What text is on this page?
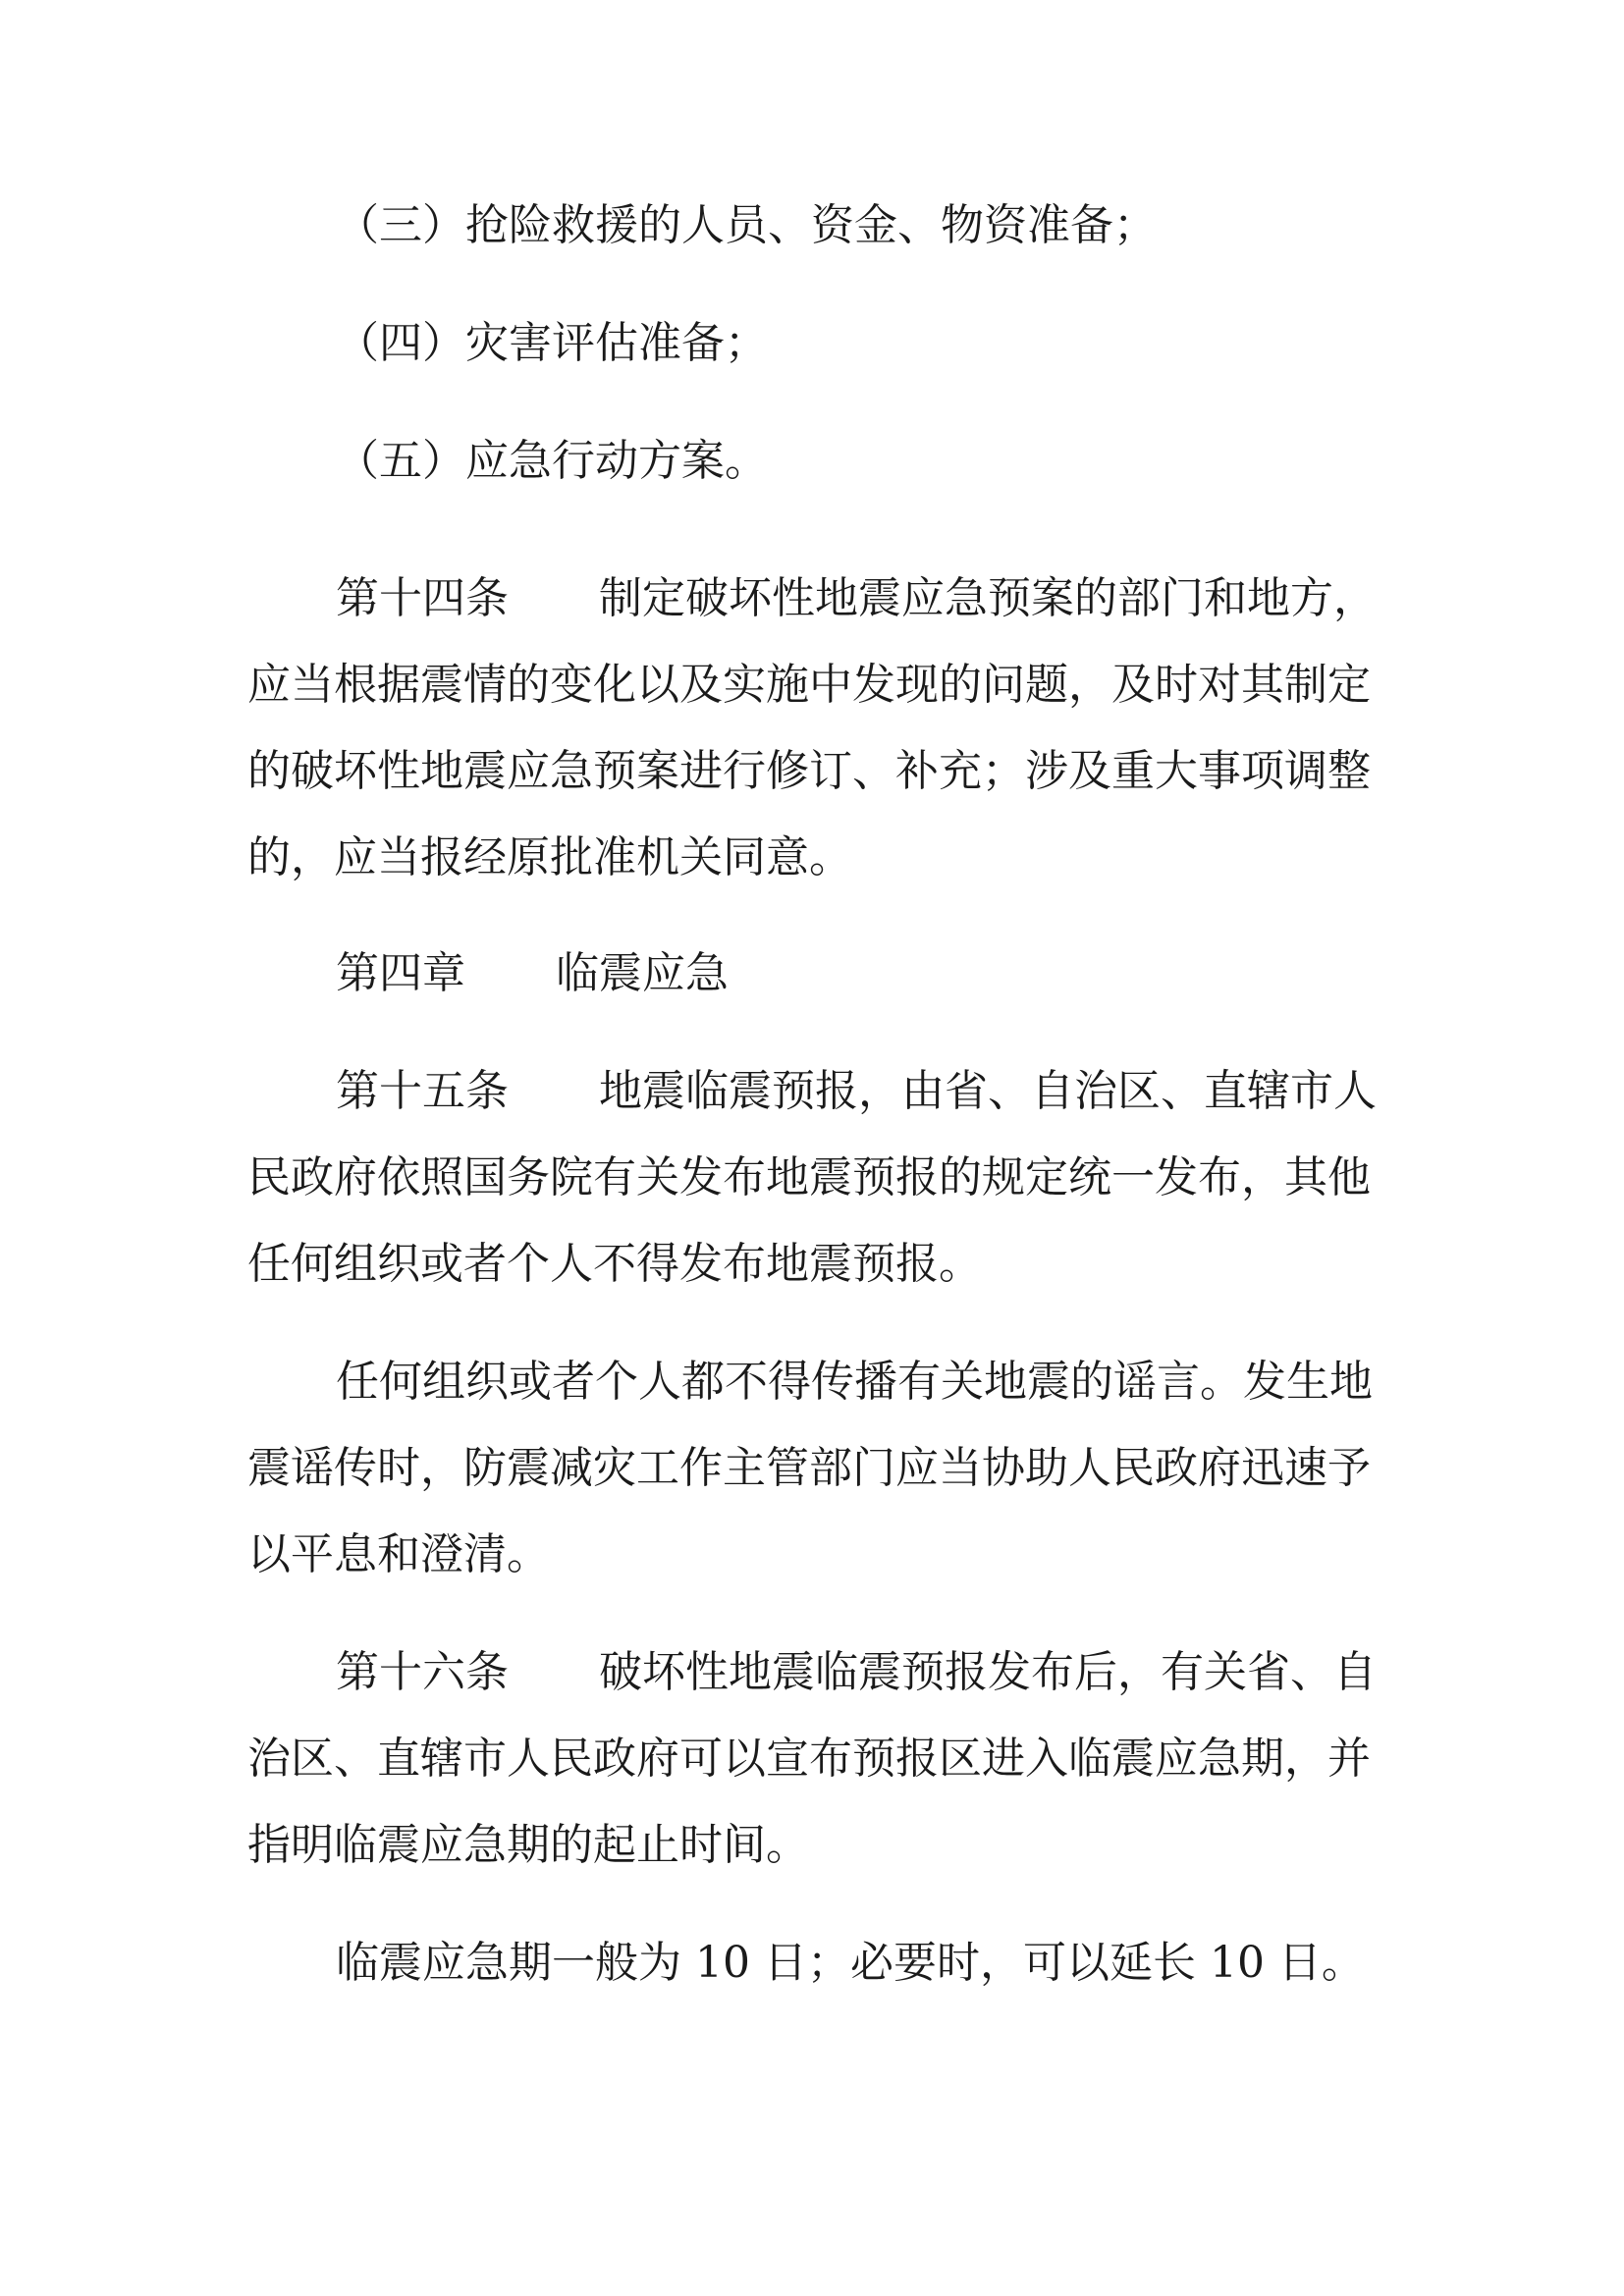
（三）抢险救援的人员、资金、物资准备；
（四）灾害评估准备；
（五）应急行动方案。
第十四条 制定破坏性地震应急预案的部门和地方，
应当根据震情的变化以及实施中发现的问题，及时对其制定
的破坏性地震应急预案进行修订、补充；涉及重大事项调整
的，应当报经原批准机关同意。
第四章 临震应急
第十五条 地震临震预报，由省、自治区、直辖市人
民政府依照国务院有关发布地震预报的规定统一发布，其他
任何组织或者个人不得发布地震预报。
任何组织或者个人都不得传播有关地震的谣言。发生地
震谣传时，防震减灾工作主管部门应当协助人民政府迅速予
以平息和澄清。
第十六条 破坏性地震临震预报发布后，有关省、自
治区、直辖市人民政府可以宣布预报区进入临震应急期，并
指明临震应急期的起止时间。
临震应急期一般为 10 日；必要时，可以延长 10 日。
